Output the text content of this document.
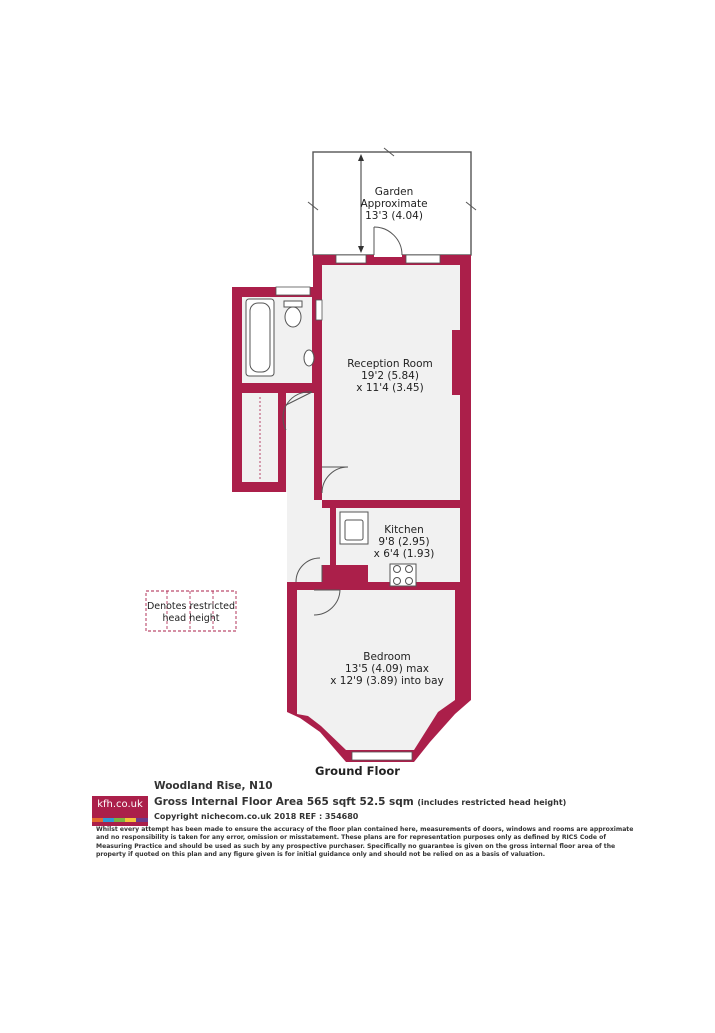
Denotes restricted
head height
Garden
Approximate
13'3 (4.04)
Reception Room
19'2 (5.84)
x 11'4 (3.45)
Kitchen
9'8 (2.95)
x 6'4 (1.93)
Bedroom
13'5 (4.09) max
x 12'9 (3.89) into bay
Ground Floor
kfh.co.uk
Woodland Rise, N10
Gross Internal Floor Area 565 sqft 52.5 sqm (includes restricted head height)
Copyright nichecom.co.uk 2018 REF : 354680
Whilst every attempt has been made to ensure the accuracy of the floor plan contained here, measurements of doors, windows and rooms are approximate and no responsibility is taken for any error, omission or misstatement. These plans are for representation purposes only as defined by RICS Code of Measuring Practice and should be used as such by any prospective purchaser. Specifically no guarantee is given on the gross internal floor area of the property if quoted on this plan and any figure given is for initial guidance only and should not be relied on as a basis of valuation.
